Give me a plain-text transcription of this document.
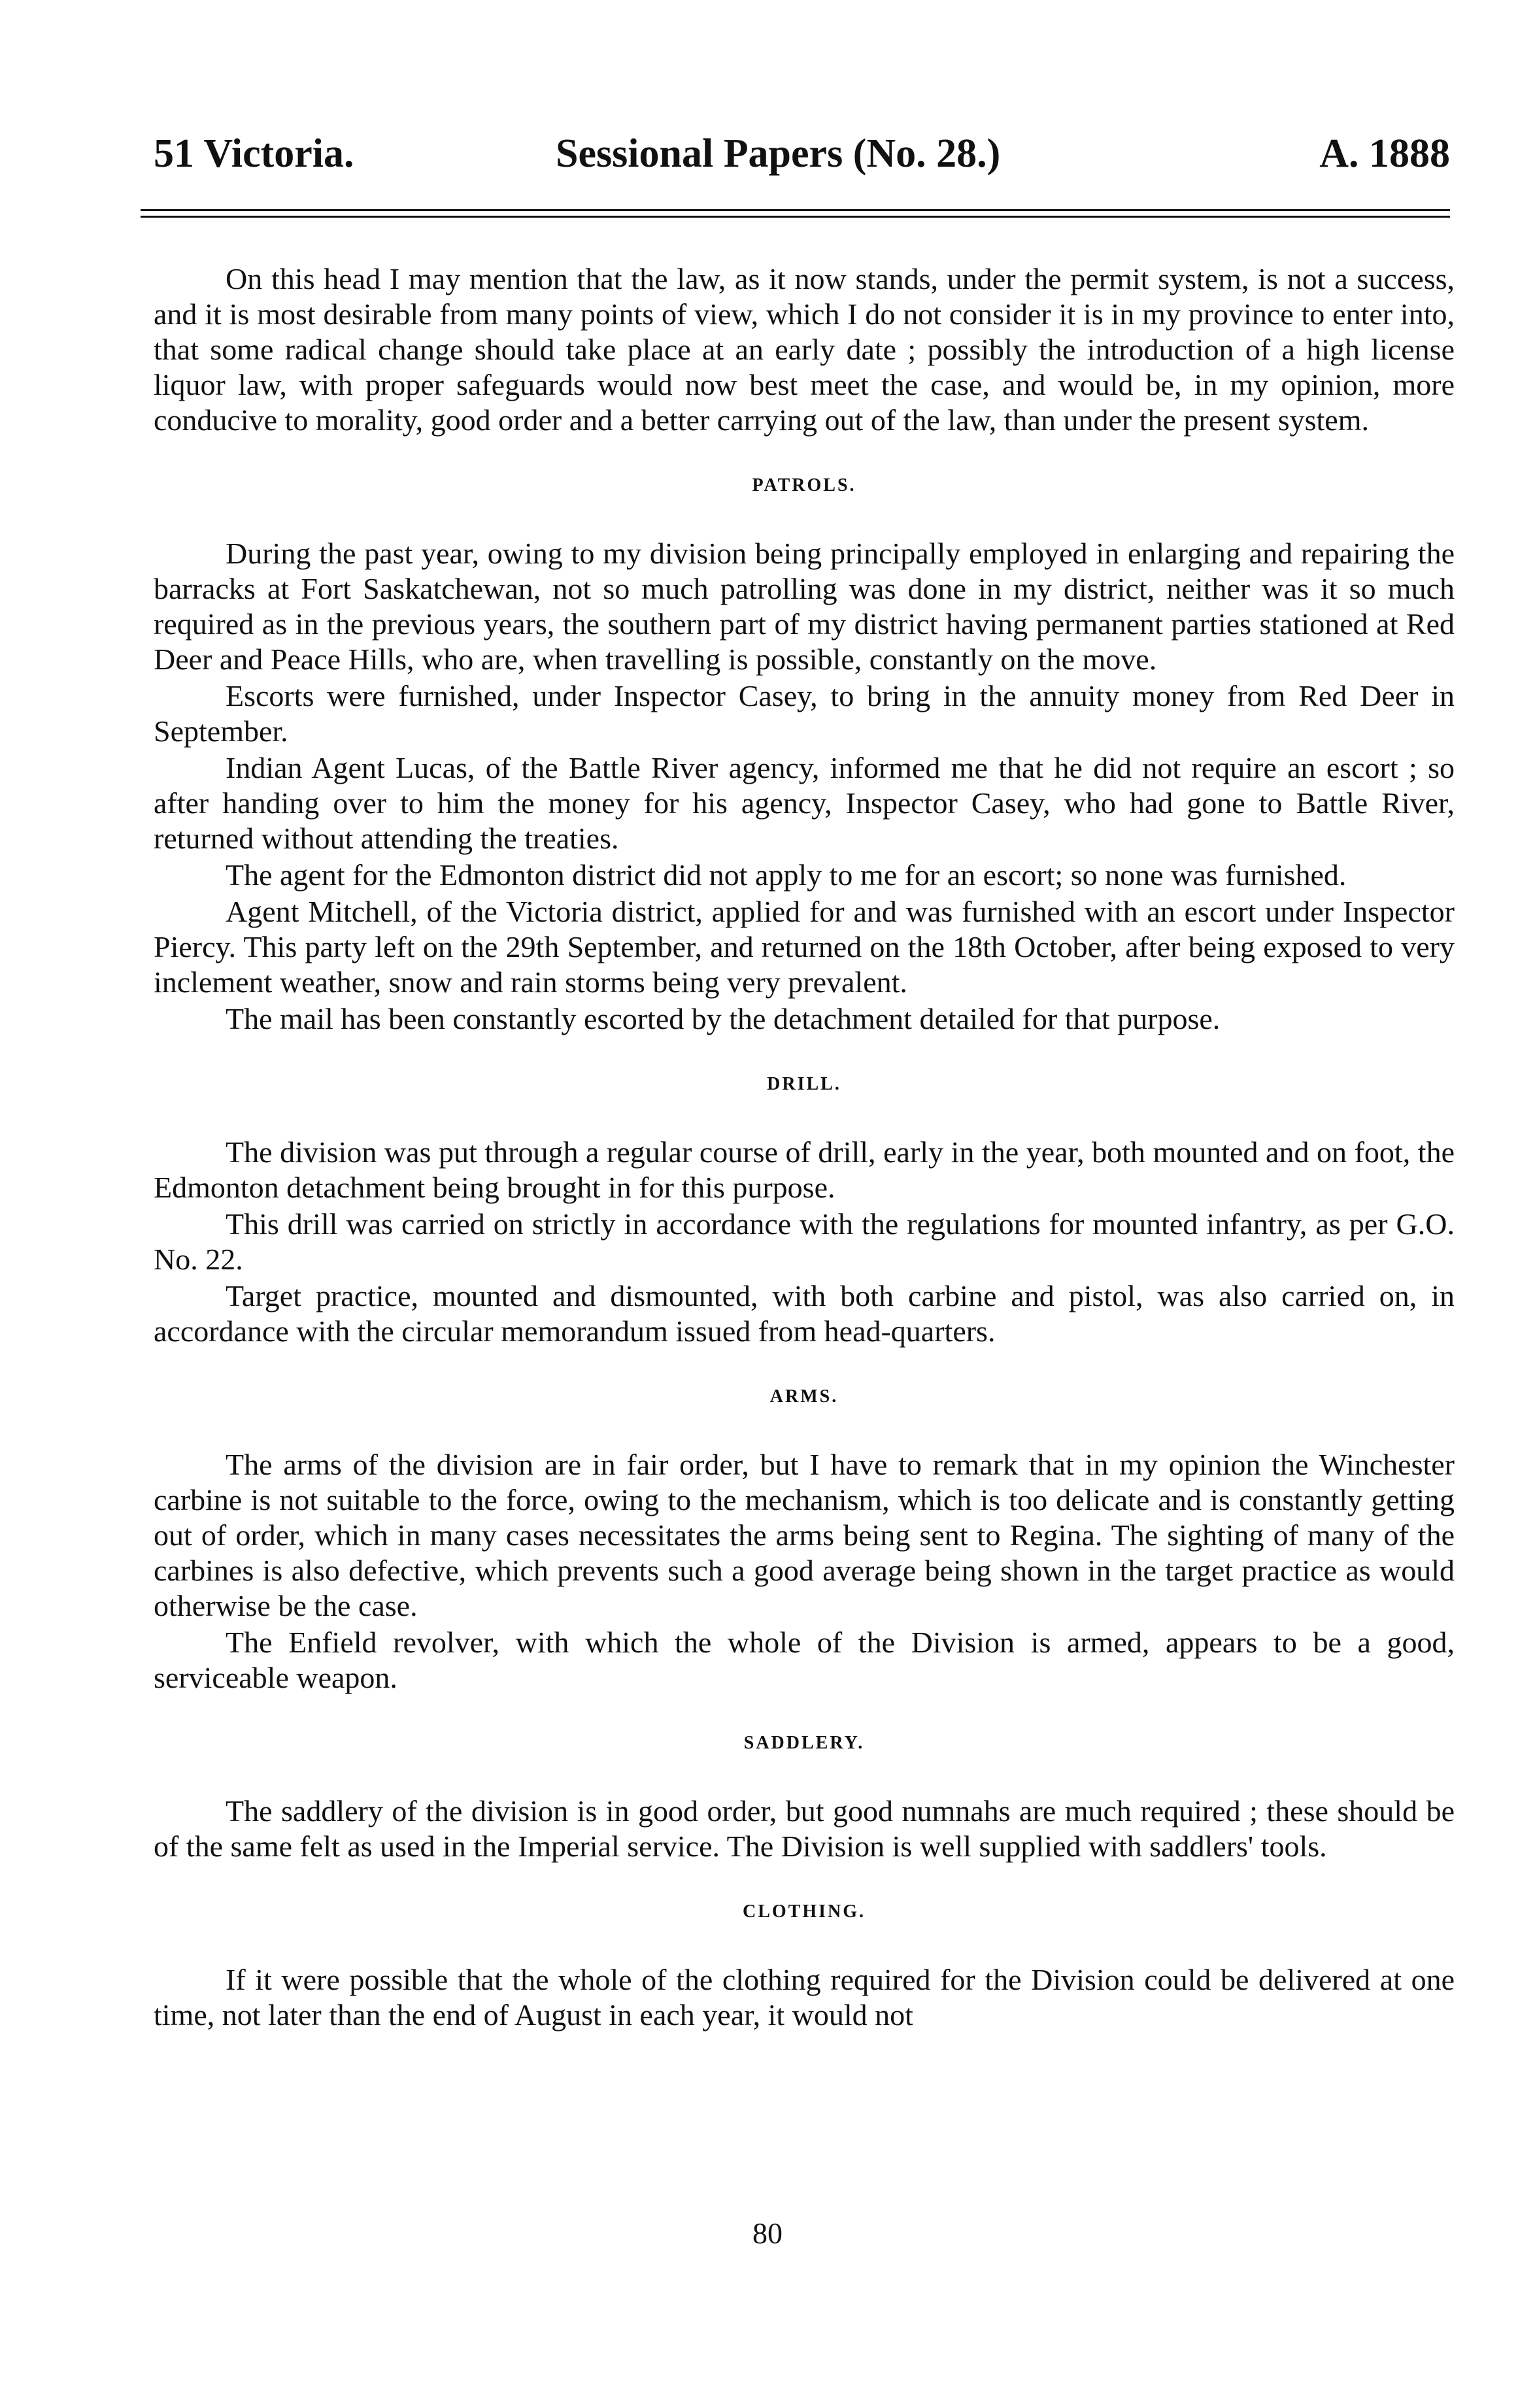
51 Victoria.	Sessional Papers (No. 28.)	A. 1888

On this head I may mention that the law, as it now stands, under the permit system, is not a success, and it is most desirable from many points of view, which I do not consider it is in my province to enter into, that some radical change should take place at an early date ; possibly the introduction of a high license liquor law, with proper safeguards would now best meet the case, and would be, in my opinion, more conducive to morality, good order and a better carrying out of the law, than under the present system.

PATROLS.

During the past year, owing to my division being principally employed in enlarging and repairing the barracks at Fort Saskatchewan, not so much patrolling was done in my district, neither was it so much required as in the previous years, the southern part of my district having permanent parties stationed at Red Deer and Peace Hills, who are, when travelling is possible, constantly on the move.

Escorts were furnished, under Inspector Casey, to bring in the annuity money from Red Deer in September.

Indian Agent Lucas, of the Battle River agency, informed me that he did not require an escort ; so after handing over to him the money for his agency, Inspector Casey, who had gone to Battle River, returned without attending the treaties.

The agent for the Edmonton district did not apply to me for an escort; so none was furnished.

Agent Mitchell, of the Victoria district, applied for and was furnished with an escort under Inspector Piercy. This party left on the 29th September, and returned on the 18th October, after being exposed to very inclement weather, snow and rain storms being very prevalent.

The mail has been constantly escorted by the detachment detailed for that purpose.

DRILL.

The division was put through a regular course of drill, early in the year, both mounted and on foot, the Edmonton detachment being brought in for this purpose.

This drill was carried on strictly in accordance with the regulations for mounted infantry, as per G.O. No. 22.

Target practice, mounted and dismounted, with both carbine and pistol, was also carried on, in accordance with the circular memorandum issued from head-quarters.

ARMS.

The arms of the division are in fair order, but I have to remark that in my opinion the Winchester carbine is not suitable to the force, owing to the mechanism, which is too delicate and is constantly getting out of order, which in many cases necessitates the arms being sent to Regina. The sighting of many of the carbines is also defective, which prevents such a good average being shown in the target practice as would otherwise be the case.

The Enfield revolver, with which the whole of the Division is armed, appears to be a good, serviceable weapon.

SADDLERY.

The saddlery of the division is in good order, but good numnahs are much required ; these should be of the same felt as used in the Imperial service. The Division is well supplied with saddlers' tools.

CLOTHING.

If it were possible that the whole of the clothing required for the Division could be delivered at one time, not later than the end of August in each year, it would not

80
